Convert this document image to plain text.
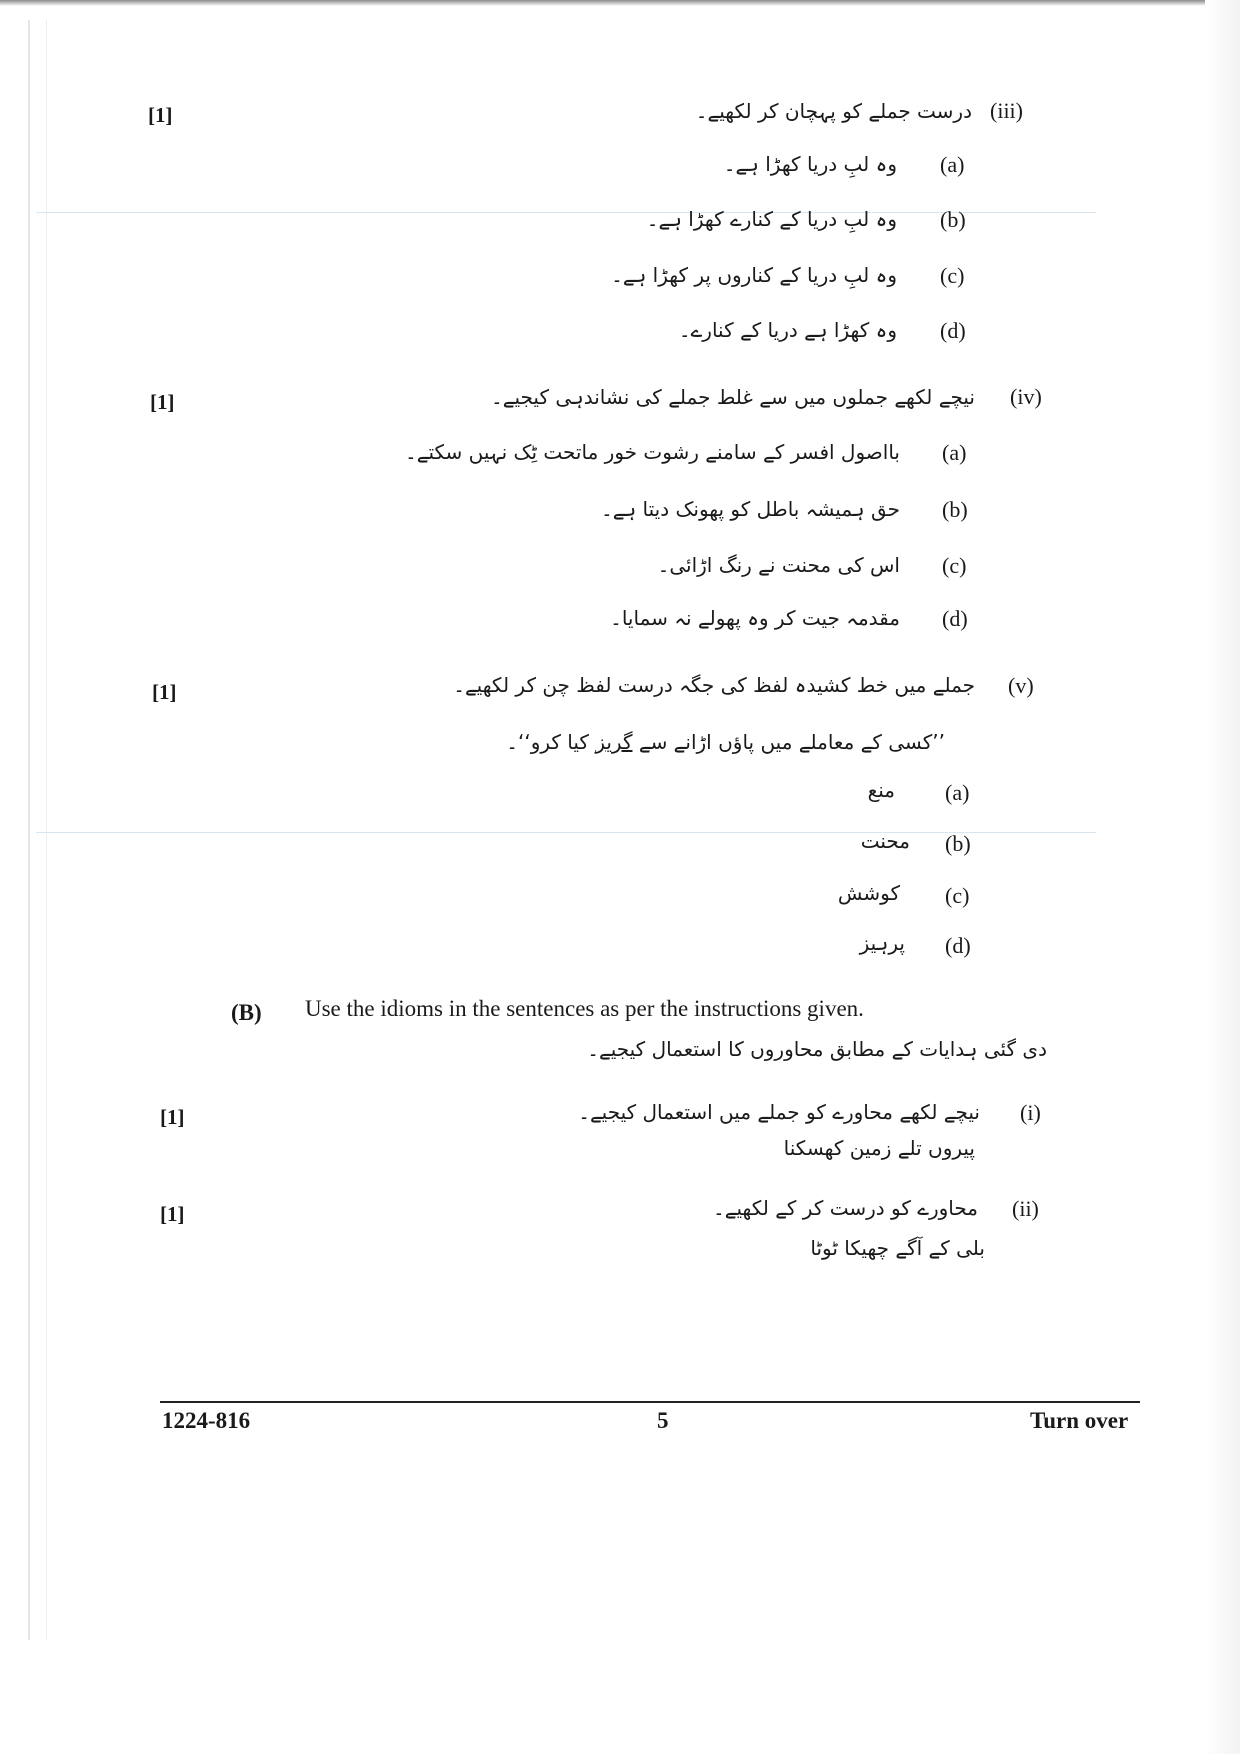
[1]	(iii)
درست جملے کو پہچان کر لکھیے۔
(a)
وہ لبِ دریا کھڑا ہے۔
(b)
وہ لبِ دریا کے کنارے کھڑا ہے۔
(c)
وہ لبِ دریا کے کناروں پر کھڑا ہے۔
(d)
وہ کھڑا ہے دریا کے کنارے۔
[1]	(iv)
نیچے لکھے جملوں میں سے غلط جملے کی نشاندہی کیجیے۔
(a)
بااصول افسر کے سامنے رشوت خور ماتحت ٹِک نہیں سکتے۔
(b)
حق ہمیشہ باطل کو پھونک دیتا ہے۔
(c)
اس کی محنت نے رنگ اڑائی۔
(d)
مقدمہ جیت کر وہ پھولے نہ سمایا۔
[1]	(v)
جملے میں خط کشیدہ لفظ کی جگہ درست لفظ چن کر لکھیے۔
’’کسی کے معاملے میں پاؤں اڑانے سے گریز کیا کرو‘‘۔
(a)
منع
(b)
محنت
(c)
کوشش
(d)
پرہیز
(B) Use the idioms in the sentences as per the instructions given.
دی گئی ہدایات کے مطابق محاوروں کا استعمال کیجیے۔
[1]	(i)
نیچے لکھے محاورے کو جملے میں استعمال کیجیے۔
پیروں تلے زمین کھسکنا
[1]	(ii)
محاورے کو درست کر کے لکھیے۔
بلی کے آگے چھیکا ٹوٹا
1224-816	5	Turn over
